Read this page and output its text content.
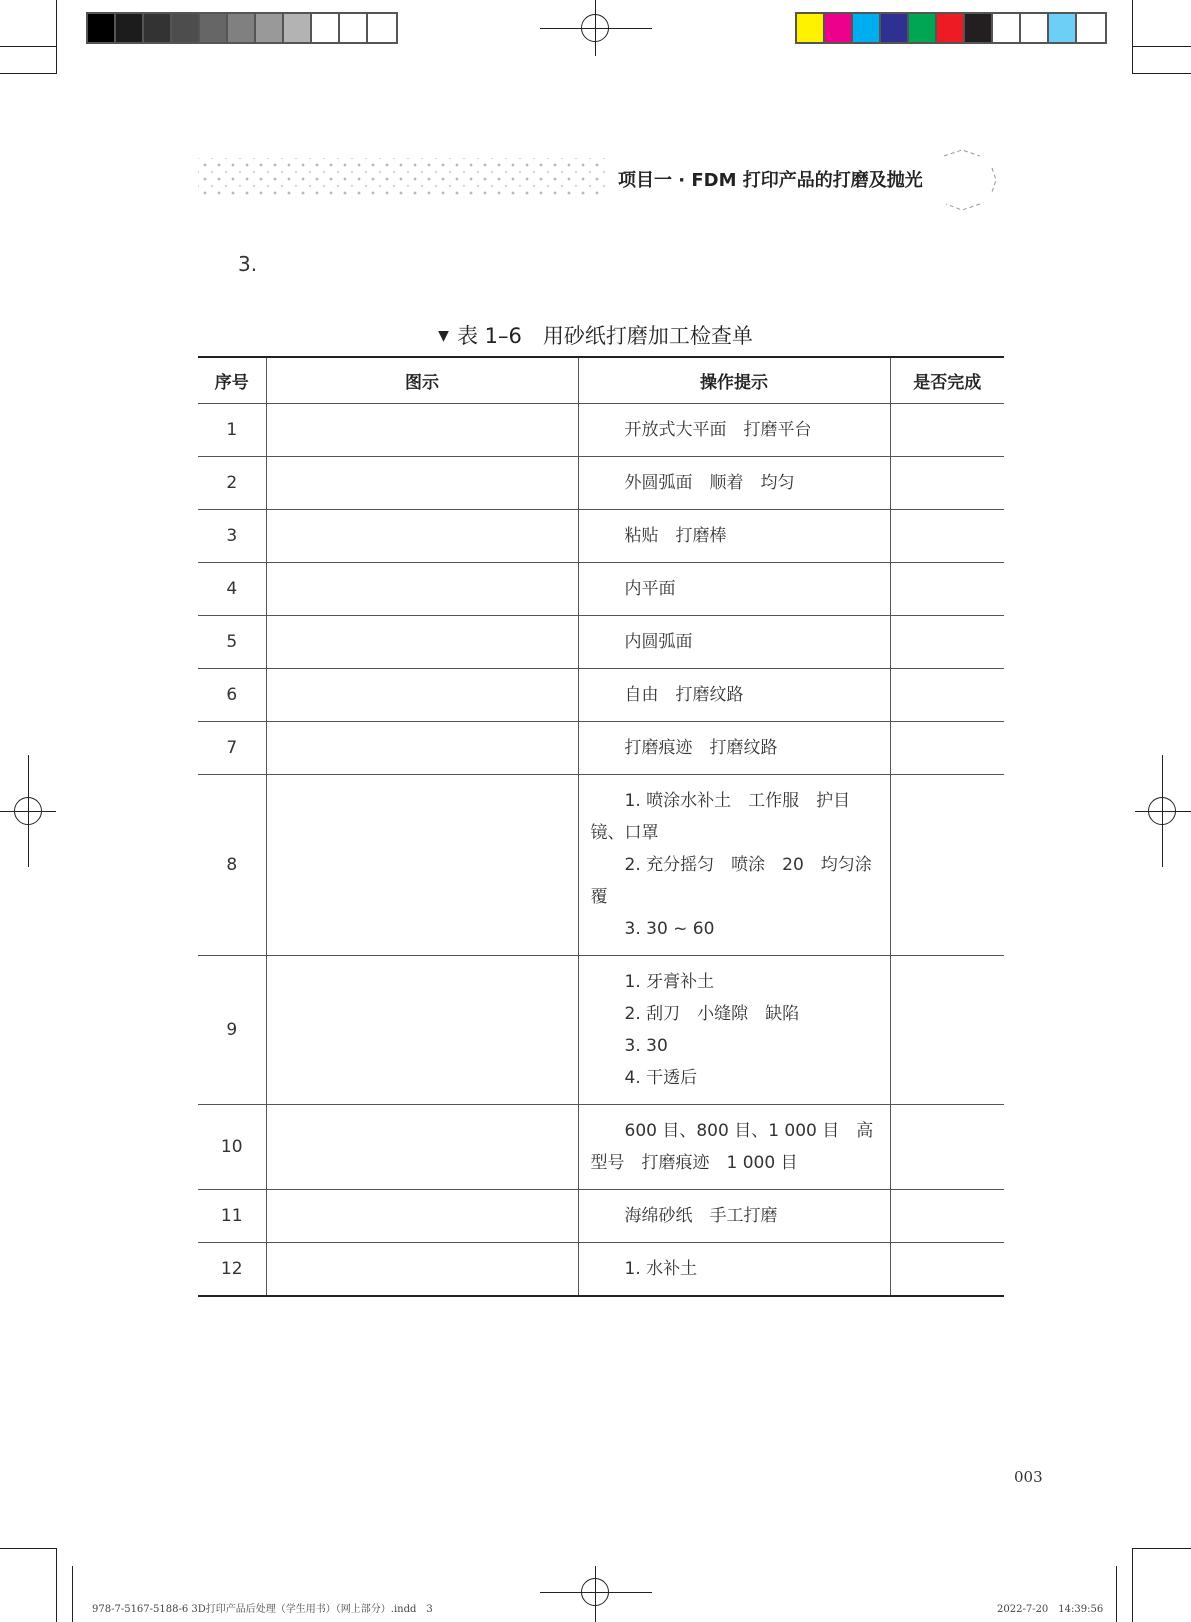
项目一 · FDM 打印产品的打磨及抛光
3.
▼ 表 1–6　用砂纸打磨加工检查单
序号	图示	操作提示	是否完成
1		开放式大平面　打磨平台	

2		外圆弧面　顺着　均匀	

3		粘贴　打磨棒	

4		内平面	

5		内圆弧面	

6		自由　打磨纹路	

7		打磨痕迹　打磨纹路	

8		1. 喷涂水补土　工作服　护目镜、口罩
2. 充分摇匀　喷涂　20　均匀涂覆
3. 30 ~ 60	

9		1. 牙膏补土
2. 刮刀　小缝隙　缺陷
3. 30
4. 干透后	

10		600 目、800 目、1 000 目　高型号　打磨痕迹　1 000 目	

11		海绵砂纸　手工打磨	

12		1. 水补土	

003
978-7-5167-5188-6 3D打印产品后处理（学生用书）（网上部分）.indd　3	2022-7-20　14:39:56
